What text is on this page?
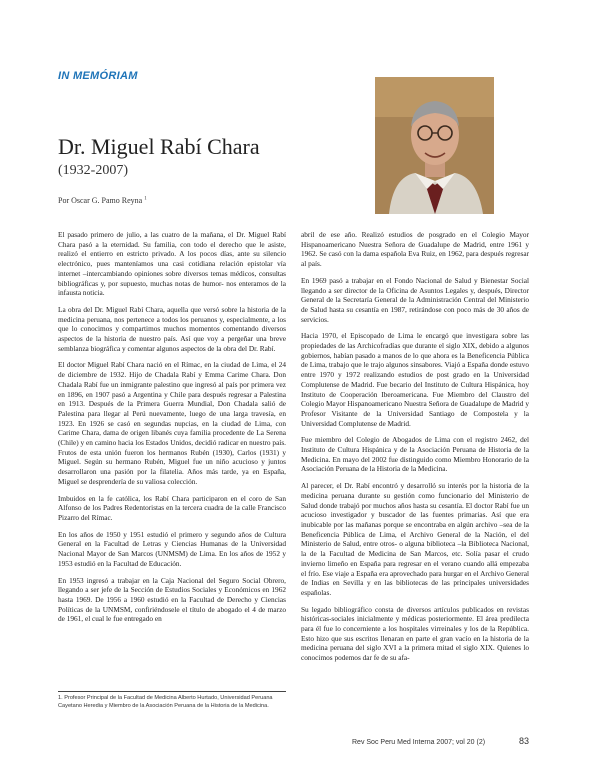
IN MEMÓRIAM
Dr. Miguel Rabí Chara
(1932-2007)
Por Oscar G. Pamo Reyna $^1$

El pasado primero de julio, a las cuatro de la mañana, el Dr. Miguel Rabí Chara pasó a la eternidad. Su familia, con todo el derecho que le asiste, realizó el entierro en estricto privado. A los pocos días, ante su silencio electrónico, pues manteníamos una casi cotidiana relación epistolar vía internet –intercambiando opiniones sobre diversos temas médicos, consultas bibliográficas y, por supuesto, muchas notas de humor- nos enteramos de la infausta noticia.

La obra del Dr. Miguel Rabí Chara, aquella que versó sobre la historia de la medicina peruana, nos pertenece a todos los peruanos y, especialmente, a los que lo conocimos y compartimos muchos momentos comentando diversos aspectos de la historia de nuestro país. Así que voy a pergeñar una breve semblanza biográfica y comentar algunos aspectos de la obra del Dr. Rabí.

El doctor Miguel Rabí Chara nació en el Rímac, en la ciudad de Lima, el 24 de diciembre de 1932. Hijo de Chadala Rabí y Emma Carime Chara. Don Chadala Rabí fue un inmigrante palestino que ingresó al país por primera vez en 1896, en 1907 pasó a Argentina y Chile para después regresar a Palestina en 1913. Después de la Primera Guerra Mundial, Don Chadala salió de Palestina para llegar al Perú nuevamente, luego de una larga travesía, en 1923. En 1926 se casó en segundas nupcias, en la ciudad de Lima, con Carime Chara, dama de origen libanés cuya familia procedente de La Serena (Chile) y en camino hacia los Estados Unidos, decidió radicar en nuestro país. Frutos de esta unión fueron los hermanos Rubén (1930), Carlos (1931) y Miguel. Según su hermano Rubén, Miguel fue un niño acucioso y juntos desarrollaron una pasión por la filatelia. Años más tarde, ya en España, Miguel se desprendería de su valiosa colección.

Imbuidos en la fe católica, los Rabí Chara participaron en el coro de San Alfonso de los Padres Redentoristas en la tercera cuadra de la calle Francisco Pizarro del Rímac.

En los años de 1950 y 1951 estudió el primero y segundo años de Cultura General en la Facultad de Letras y Ciencias Humanas de la Universidad Nacional Mayor de San Marcos (UNMSM) de Lima. En los años de 1952 y 1953 estudió en la Facultad de Educación.

En 1953 ingresó a trabajar en la Caja Nacional del Seguro Social Obrero, llegando a ser jefe de la Sección de Estudios Sociales y Económicos en 1962 hasta 1969. De 1956 a 1960 estudió en la Facultad de Derecho y Ciencias Políticas de la UNMSM, confiriéndosele el título de abogado el 4 de marzo de 1961, el cual le fue entregado en

abril de ese año. Realizó estudios de posgrado en el Colegio Mayor Hispanoamericano Nuestra Señora de Guadalupe de Madrid, entre 1961 y 1962. Se casó con la dama española Eva Ruiz, en 1962, para después regresar al país.

En 1969 pasó a trabajar en el Fondo Nacional de Salud y Bienestar Social llegando a ser director de la Oficina de Asuntos Legales y, después, Director General de la Secretaría General de la Administración Central del Ministerio de Salud hasta su cesantía en 1987, retirándose con poco más de 30 años de servicios.

Hacia 1970, el Episcopado de Lima le encargó que investigara sobre las propiedades de las Archicofradías que durante el siglo XIX, debido a algunos gobiernos, habían pasado a manos de lo que ahora es la Beneficencia Pública de Lima, trabajo que le trajo algunos sinsabores. Viajó a España donde estuvo entre 1970 y 1972 realizando estudios de post grado en la Universidad Complutense de Madrid. Fue becario del Instituto de Cultura Hispánica, hoy Instituto de Cooperación Iberoamericana. Fue Miembro del Claustro del Colegio Mayor Hispanoamericano Nuestra Señora de Guadalupe de Madrid y Profesor Visitante de la Universidad Santiago de Compostela y la Universidad Complutense de Madrid.

Fue miembro del Colegio de Abogados de Lima con el registro 2462, del Instituto de Cultura Hispánica y de la Asociación Peruana de Historia de la Medicina. En mayo del 2002 fue distinguido como Miembro Honorario de la Asociación Peruana de la Historia de la Medicina.

Al parecer, el Dr. Rabí encontró y desarrolló su interés por la historia de la medicina peruana durante su gestión como funcionario del Ministerio de Salud donde trabajó por muchos años hasta su cesantía. El doctor Rabí fue un acucioso investigador y buscador de las fuentes primarias. Así que era inubicable por las mañanas porque se encontraba en algún archivo –sea de la Beneficencia Pública de Lima, el Archivo General de la Nación, el del Ministerio de Salud, entre otros- o alguna biblioteca –la Biblioteca Nacional, la de la Facultad de Medicina de San Marcos, etc. Solía pasar el crudo invierno limeño en España para regresar en el verano cuando allá empezaba el frío. Ese viaje a España era aprovechado para hurgar en el Archivo General de Indias en Sevilla y en las bibliotecas de las principales universidades españolas.

Su legado bibliográfico consta de diversos artículos publicados en revistas históricas-sociales inicialmente y médicas posteriormente. El área predilecta para él fue lo concerniente a los hospitales virreinales y los de la República. Esto hizo que sus escritos llenaran en parte el gran vacío en la historia de la medicina peruana del siglo XVI a la primera mitad el siglo XIX. Quienes lo conocimos podemos dar fe de su afa-

1. Profesor Principal de la Facultad de Medicina Alberto Hurtado, Universidad Peruana Cayetano Heredia y Miembro de la Asociación Peruana de la Historia de la Medicina.
Rev Soc Peru Med Interna 2007; vol 20 (2)	83
